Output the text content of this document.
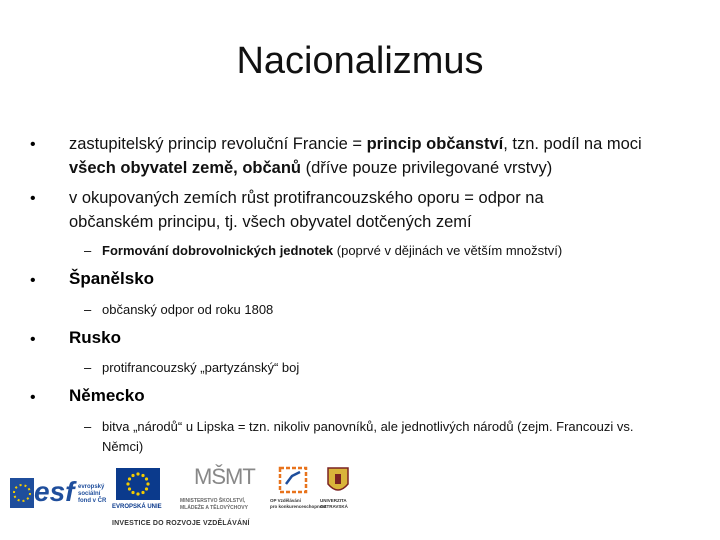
Nacionalizmus
• zastupitelský princip revoluční Francie = princip občanství, tzn. podíl na moci všech obyvatel země, občanů (dříve pouze privilegované vrstvy)
• v okupovaných zemích růst protifrancouzského oporu = odpor na občanském principu, tj. všech obyvatel dotčených zemí
– Formování dobrovolnických jednotek (poprvé v dějinách ve větším množství)
• Španělsko
– občanský odpor od roku 1808
• Rusko
– protifrancouzský „partyzánský“ boj
• Německo
– bitva „národů“ u Lipska = tzn. nikoliv panovníků, ale jednotlivých národů (zejm. Francouzi vs. Němci)
esf evropský
sociální
fond v ČR
EVROPSKÁ UNIE
MŠMT
MINISTERSTVO ŠKOLSTVÍ,
MLÁDEŽE A TĚLOVÝCHOVY
OP Vzdělávání
pro konkurenceschopnost
UNIVERZITA
OSTRAVSKÁ
INVESTICE DO ROZVOJE VZDĚLÁVÁNÍ
